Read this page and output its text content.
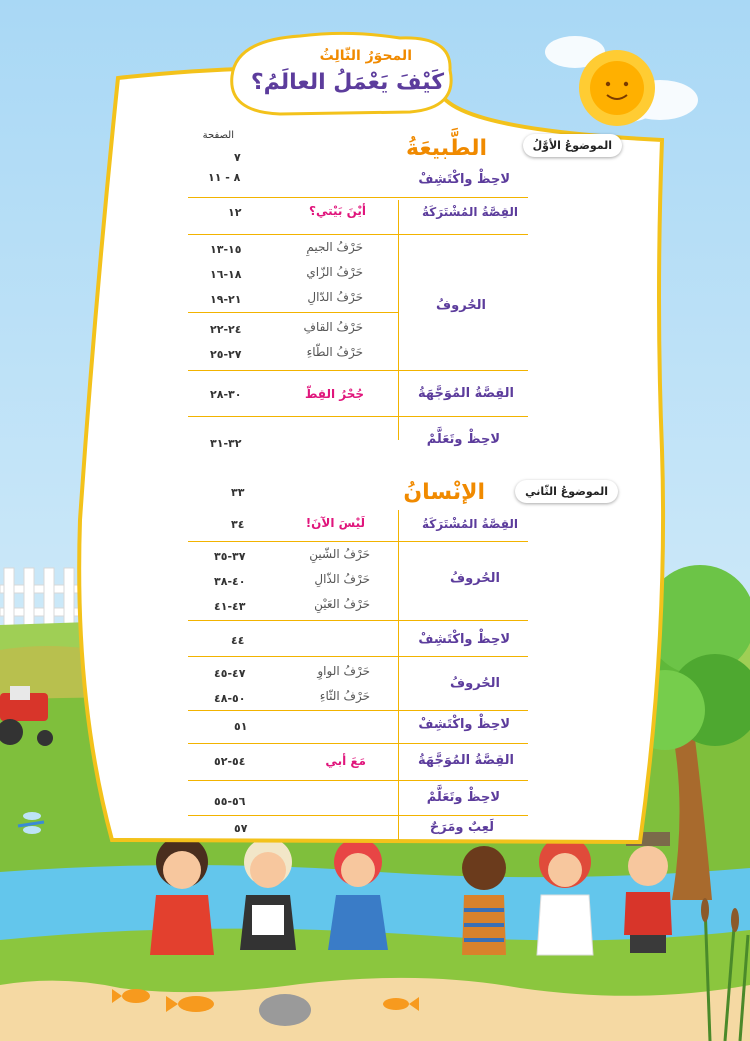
المحوَرُ الثّالِثُ
كَيْفَ يَعْمَلُ العالَمُ؟
الصفحة
الموضوعُ الأوَّلُ
الطَّبيعَةُ
٧
لاحِظْ واكْتَشِفْ
٨ - ١١
القِصَّةُ المُشْتَرَكَةُ
أيْنَ بَيْتي؟
١٢
الحُروفُ
حَرْفُ الجيمِ
حَرْفُ الزّاي
حَرْفُ الدّالِ
حَرْفُ القافِ
حَرْفُ الطّاءِ
١٥-١٣
١٨-١٦
٢١-١٩
٢٤-٢٢
٢٧-٢٥
القِصَّةُ المُوَجَّهَةُ
جُحْرُ القِطّ
٣٠-٢٨
لاحِظْ وتَعَلَّمْ
٣٢-٣١
الموضوعُ الثّاني
الإنْسانُ
٣٣
القِصَّةُ المُشْتَرَكَةُ
لَيْسَ الآنَ!
٣٤
الحُروفُ
حَرْفُ الشّينِ
حَرْفُ الذّالِ
حَرْفُ العَيْنِ
٣٧-٣٥
٤٠-٣٨
٤٣-٤١
لاحِظْ واكْتَشِفْ
٤٤
الحُروفُ
حَرْفُ الواوِ
حَرْفُ الثّاءِ
٤٧-٤٥
٥٠-٤٨
لاحِظْ واكْتَشِفْ
٥١
القِصَّةُ المُوَجَّهَةُ
مَعَ أبي
٥٤-٥٢
لاحِظْ وتَعَلَّمْ
٥٦-٥٥
لَعِبٌ ومَرَحٌ
٥٧
